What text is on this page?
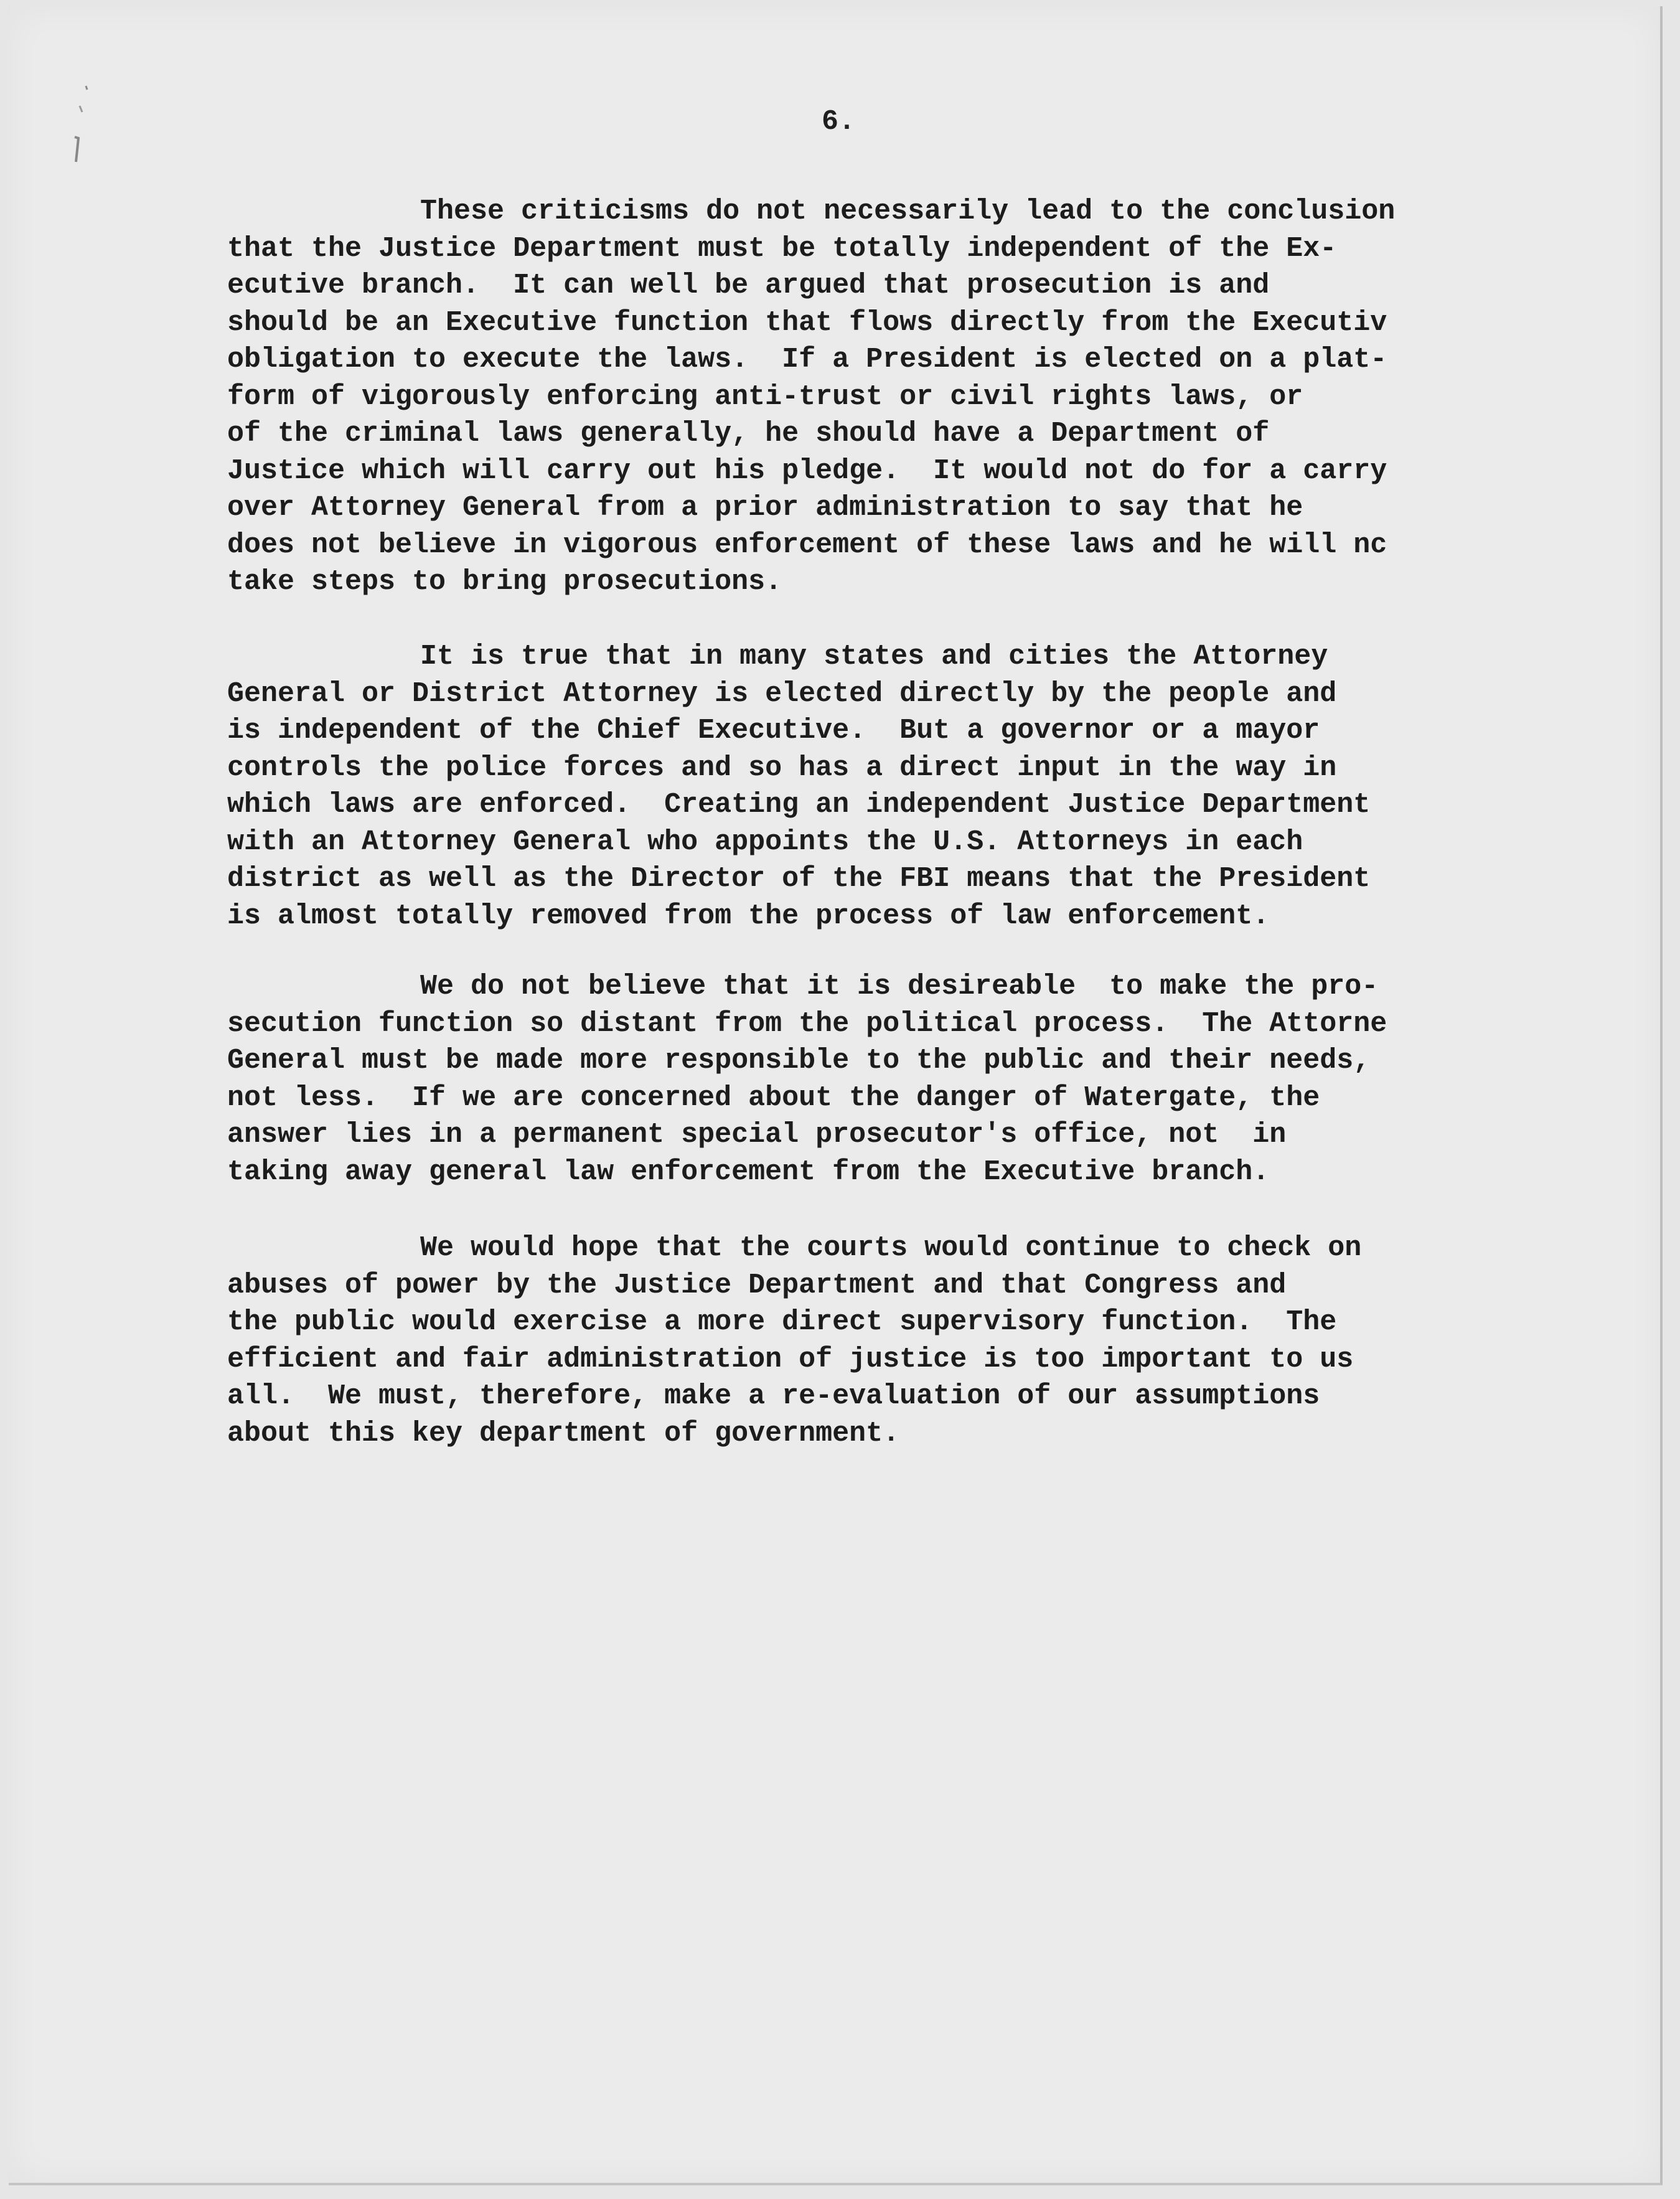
6.
These criticisms do not necessarily lead to the conclusion
that the Justice Department must be totally independent of the Ex-
ecutive branch.  It can well be argued that prosecution is and
should be an Executive function that flows directly from the Executiv
obligation to execute the laws.  If a President is elected on a plat-
form of vigorously enforcing anti-trust or civil rights laws, or
of the criminal laws generally, he should have a Department of
Justice which will carry out his pledge.  It would not do for a carry
over Attorney General from a prior administration to say that he
does not believe in vigorous enforcement of these laws and he will nc
take steps to bring prosecutions.
It is true that in many states and cities the Attorney
General or District Attorney is elected directly by the people and
is independent of the Chief Executive.  But a governor or a mayor
controls the police forces and so has a direct input in the way in
which laws are enforced.  Creating an independent Justice Department
with an Attorney General who appoints the U.S. Attorneys in each
district as well as the Director of the FBI means that the President
is almost totally removed from the process of law enforcement.
We do not believe that it is desireable  to make the pro-
secution function so distant from the political process.  The Attorne
General must be made more responsible to the public and their needs,
not less.  If we are concerned about the danger of Watergate, the
answer lies in a permanent special prosecutor's office, not  in
taking away general law enforcement from the Executive branch.
We would hope that the courts would continue to check on
abuses of power by the Justice Department and that Congress and
the public would exercise a more direct supervisory function.  The
efficient and fair administration of justice is too important to us
all.  We must, therefore, make a re-evaluation of our assumptions
about this key department of government.
